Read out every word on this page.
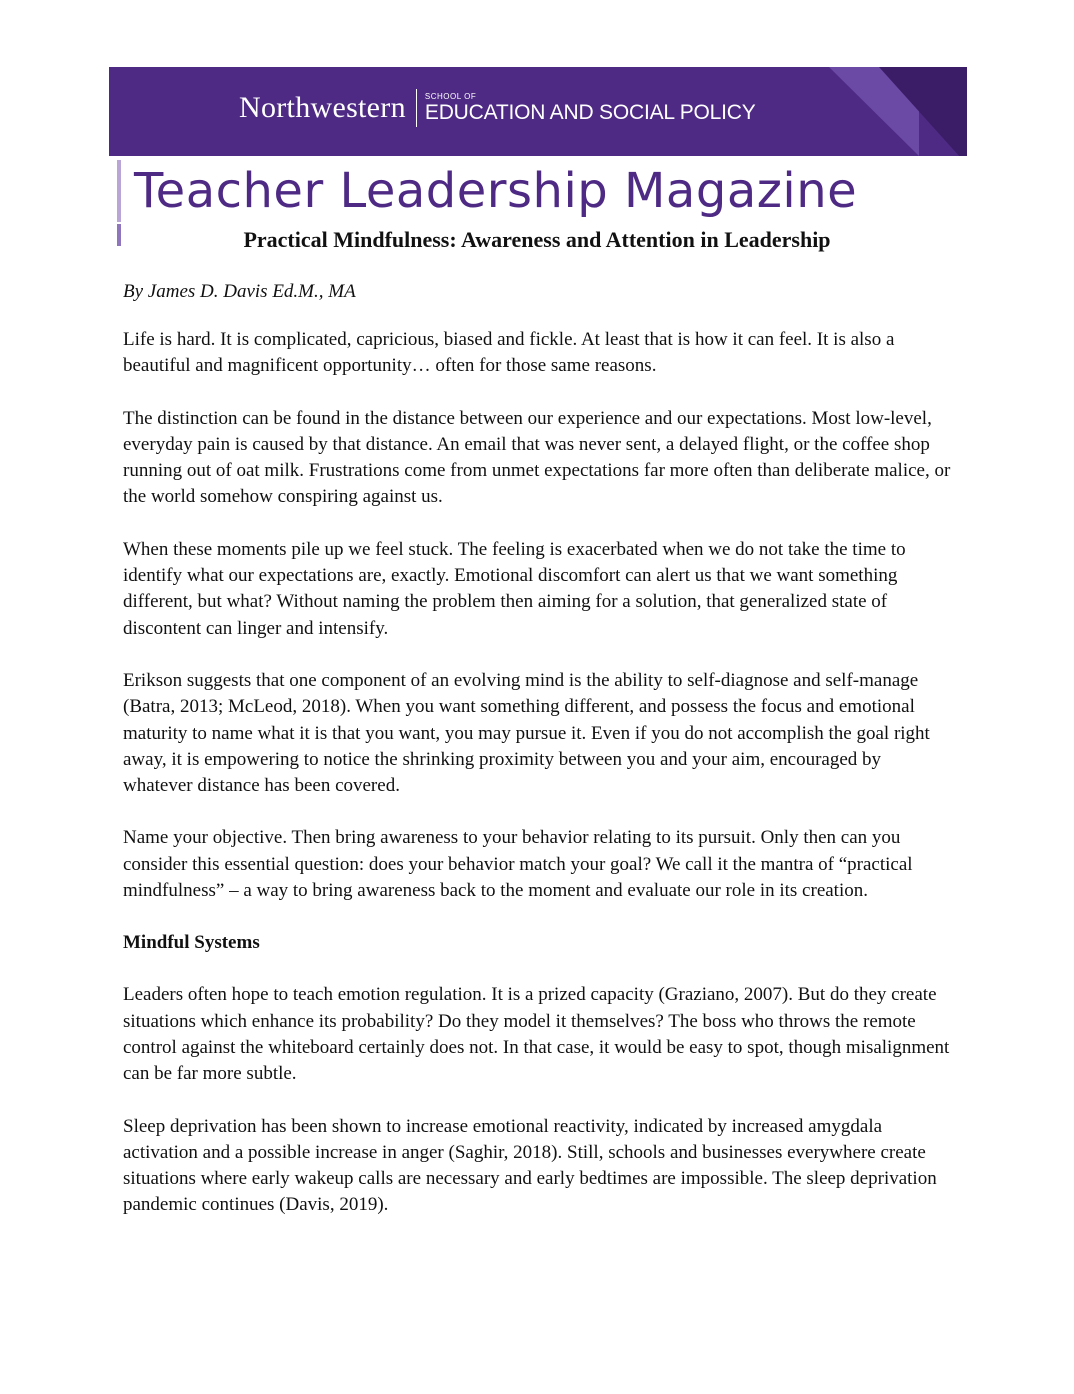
Northwestern SCHOOL OF
EDUCATION AND SOCIAL POLICY
Teacher Leadership Magazine
Practical Mindfulness: Awareness and Attention in Leadership

By James D. Davis Ed.M., MA

Life is hard. It is complicated, capricious, biased and fickle. At least that is how it can feel. It is also a beautiful and magnificent opportunity… often for those same reasons.

The distinction can be found in the distance between our experience and our expectations. Most low-level, everyday pain is caused by that distance. An email that was never sent, a delayed flight, or the coffee shop running out of oat milk. Frustrations come from unmet expectations far more often than deliberate malice, or the world somehow conspiring against us.

When these moments pile up we feel stuck. The feeling is exacerbated when we do not take the time to identify what our expectations are, exactly. Emotional discomfort can alert us that we want something different, but what? Without naming the problem then aiming for a solution, that generalized state of discontent can linger and intensify.

Erikson suggests that one component of an evolving mind is the ability to self-diagnose and self-manage (Batra, 2013; McLeod, 2018). When you want something different, and possess the focus and emotional maturity to name what it is that you want, you may pursue it. Even if you do not accomplish the goal right away, it is empowering to notice the shrinking proximity between you and your aim, encouraged by whatever distance has been covered.

Name your objective. Then bring awareness to your behavior relating to its pursuit. Only then can you consider this essential question: does your behavior match your goal? We call it the mantra of “practical mindfulness” – a way to bring awareness back to the moment and evaluate our role in its creation.

Mindful Systems

Leaders often hope to teach emotion regulation. It is a prized capacity (Graziano, 2007). But do they create situations which enhance its probability? Do they model it themselves? The boss who throws the remote control against the whiteboard certainly does not. In that case, it would be easy to spot, though misalignment can be far more subtle.

Sleep deprivation has been shown to increase emotional reactivity, indicated by increased amygdala activation and a possible increase in anger (Saghir, 2018). Still, schools and businesses everywhere create situations where early wakeup calls are necessary and early bedtimes are impossible. The sleep deprivation pandemic continues (Davis, 2019).
